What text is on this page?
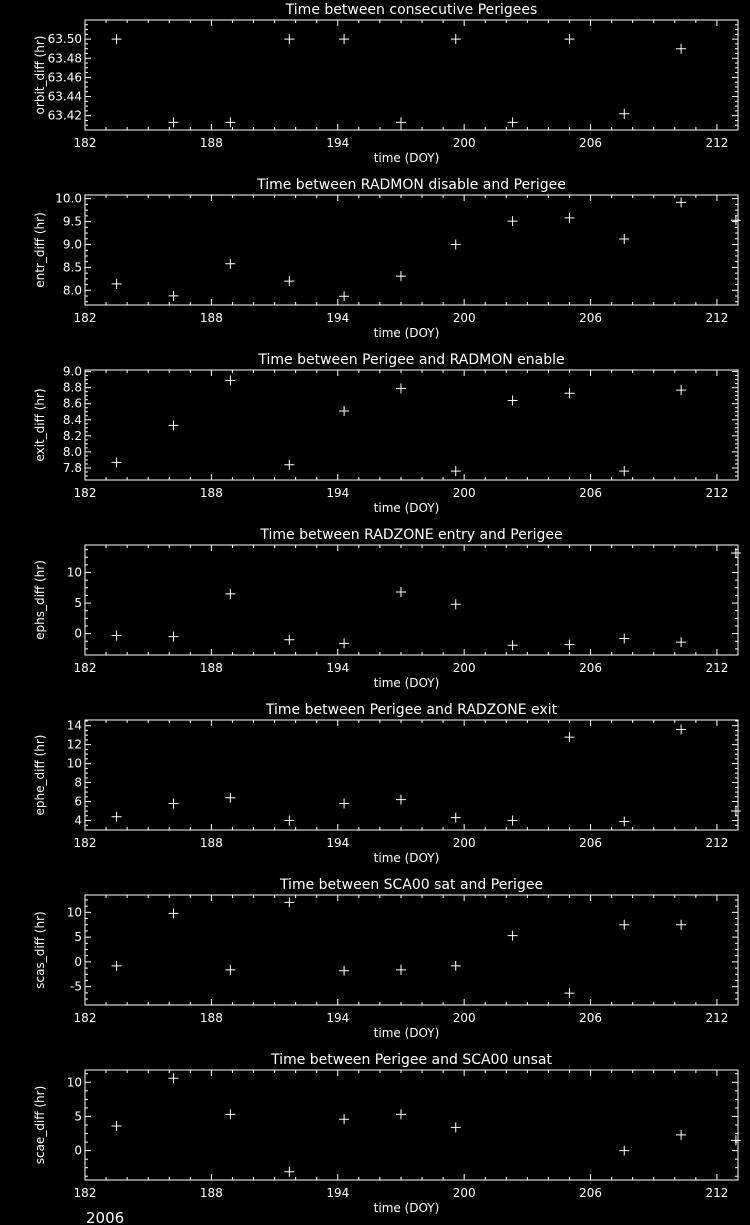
Time between consecutive Perigees
182	188	194	200	206	212
63.42
63.44
63.46
63.48
63.50
time (DOY)
orbit_diff (hr)
Time between RADMON disable and Perigee
182	188	194	200	206	212
8.0
8.5
9.0
9.5
10.0
time (DOY)
entr_diff (hr)
Time between Perigee and RADMON enable
182	188	194	200	206	212
7.8
8.0
8.2
8.4
8.6
8.8
9.0
time (DOY)
exit_diff (hr)
Time between RADZONE entry and Perigee
182	188	194	200	206	212
0
5
10
time (DOY)
ephs_diff (hr)
Time between Perigee and RADZONE exit
182	188	194	200	206	212
4
6
8
10
12
14
time (DOY)
ephe_diff (hr)
Time between SCA00 sat and Perigee
182	188	194	200	206	212
-5
0
5
10
time (DOY)
scas_diff (hr)
Time between Perigee and SCA00 unsat
182	188	194	200	206	212
0
5
10
time (DOY)
scae_diff (hr)
2006
